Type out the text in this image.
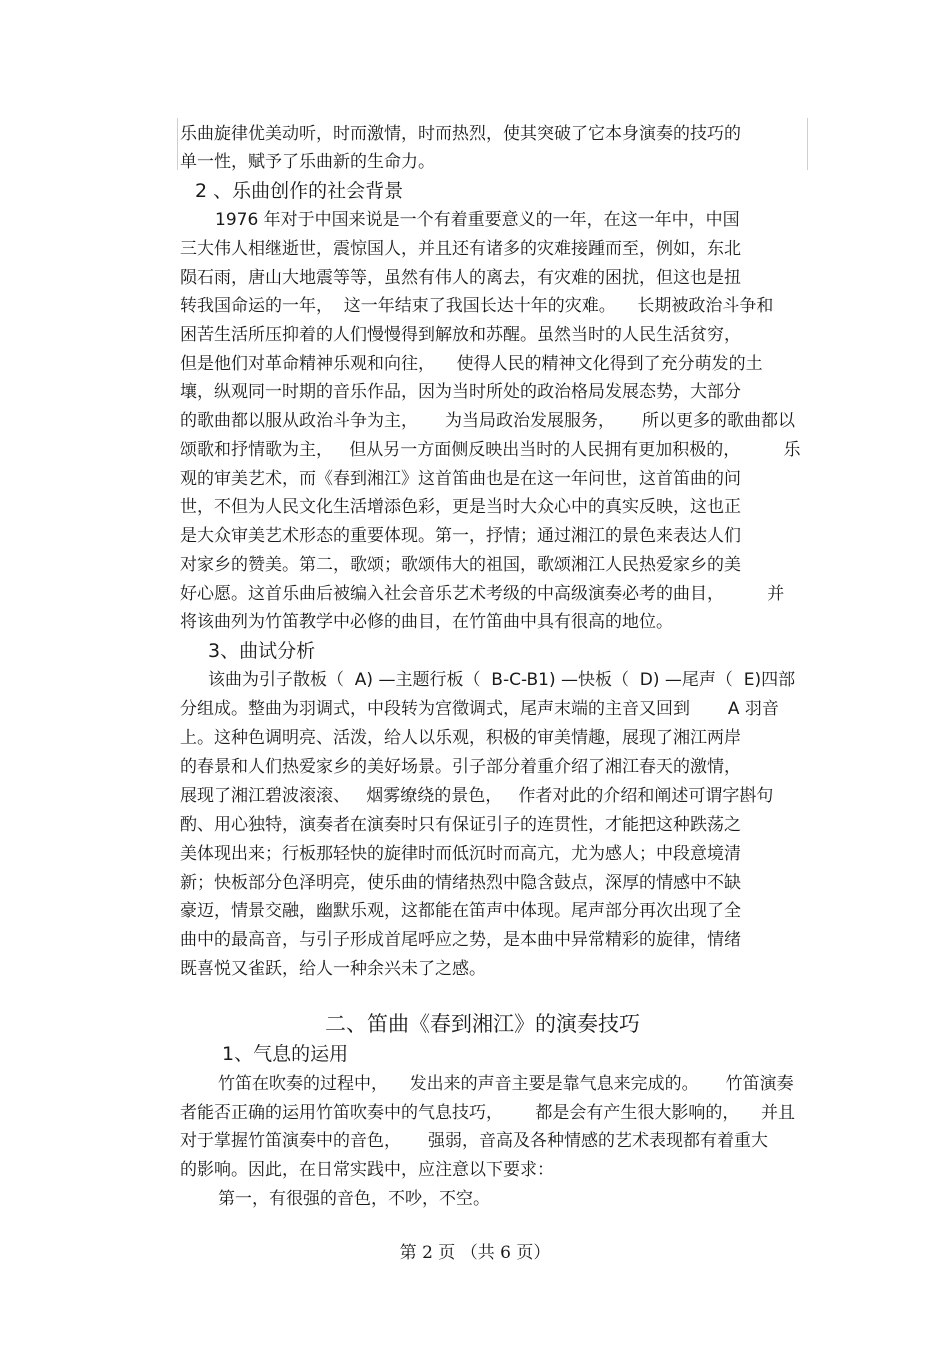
乐曲旋律优美动听，时而激情，时而热烈，使其突破了它本身演奏的技巧的
单一性，赋予了乐曲新的生命力。
2 、乐曲创作的社会背景
1976 年对于中国来说是一个有着重要意义的一年，在这一年中，中国
三大伟人相继逝世，震惊国人，并且还有诸多的灾难接踵而至，例如，东北
陨石雨，唐山大地震等等，虽然有伟人的离去，有灾难的困扰，但这也是扭
转我国命运的一年，  这一年结束了我国长达十年的灾难。    长期被政治斗争和
困苦生活所压抑着的人们慢慢得到解放和苏醒。虽然当时的人民生活贫穷，
但是他们对革命精神乐观和向往，    使得人民的精神文化得到了充分萌发的土
壤，纵观同一时期的音乐作品，因为当时所处的政治格局发展态势，大部分
的歌曲都以服从政治斗争为主，     为当局政治发展服务，     所以更多的歌曲都以
颂歌和抒情歌为主，   但从另一方面侧反映出当时的人民拥有更加积极的，        乐
观的审美艺术，而《春到湘江》这首笛曲也是在这一年问世，这首笛曲的问
世，不但为人民文化生活增添色彩，更是当时大众心中的真实反映，这也正
是大众审美艺术形态的重要体现。第一，抒情；通过湘江的景色来表达人们
对家乡的赞美。第二，歌颂；歌颂伟大的祖国，歌颂湘江人民热爱家乡的美
好心愿。这首乐曲后被编入社会音乐艺术考级的中高级演奏必考的曲目，        并
将该曲列为竹笛教学中必修的曲目，在竹笛曲中具有很高的地位。
3、曲试分析
该曲为引子散板（  A) —主题行板（  B-C-B1) —快板（  D) —尾声（  E)四部
分组成。整曲为羽调式，中段转为宫徵调式，尾声末端的主音又回到       A 羽音
上。这种色调明亮、活泼，给人以乐观，积极的审美情趣，展现了湘江两岸
的春景和人们热爱家乡的美好场景。引子部分着重介绍了湘江春天的激情，
展现了湘江碧波滚滚、   烟雾缭绕的景色，   作者对此的介绍和阐述可谓字斟句
酌、用心独特，演奏者在演奏时只有保证引子的连贯性，才能把这种跌荡之
美体现出来；行板那轻快的旋律时而低沉时而高亢，尤为感人；中段意境清
新；快板部分色泽明亮，使乐曲的情绪热烈中隐含鼓点，深厚的情感中不缺
豪迈，情景交融，幽默乐观，这都能在笛声中体现。尾声部分再次出现了全
曲中的最高音，与引子形成首尾呼应之势，是本曲中异常精彩的旋律，情绪
既喜悦又雀跃，给人一种余兴未了之感。
二、笛曲《春到湘江》的演奏技巧
1、气息的运用
竹笛在吹奏的过程中，    发出来的声音主要是靠气息来完成的。     竹笛演奏
者能否正确的运用竹笛吹奏中的气息技巧，      都是会有产生很大影响的，    并且
对于掌握竹笛演奏中的音色，     强弱，音高及各种情感的艺术表现都有着重大
的影响。因此，在日常实践中，应注意以下要求：
第一，有很强的音色，不吵，不空。
第 2 页 （共 6 页）
